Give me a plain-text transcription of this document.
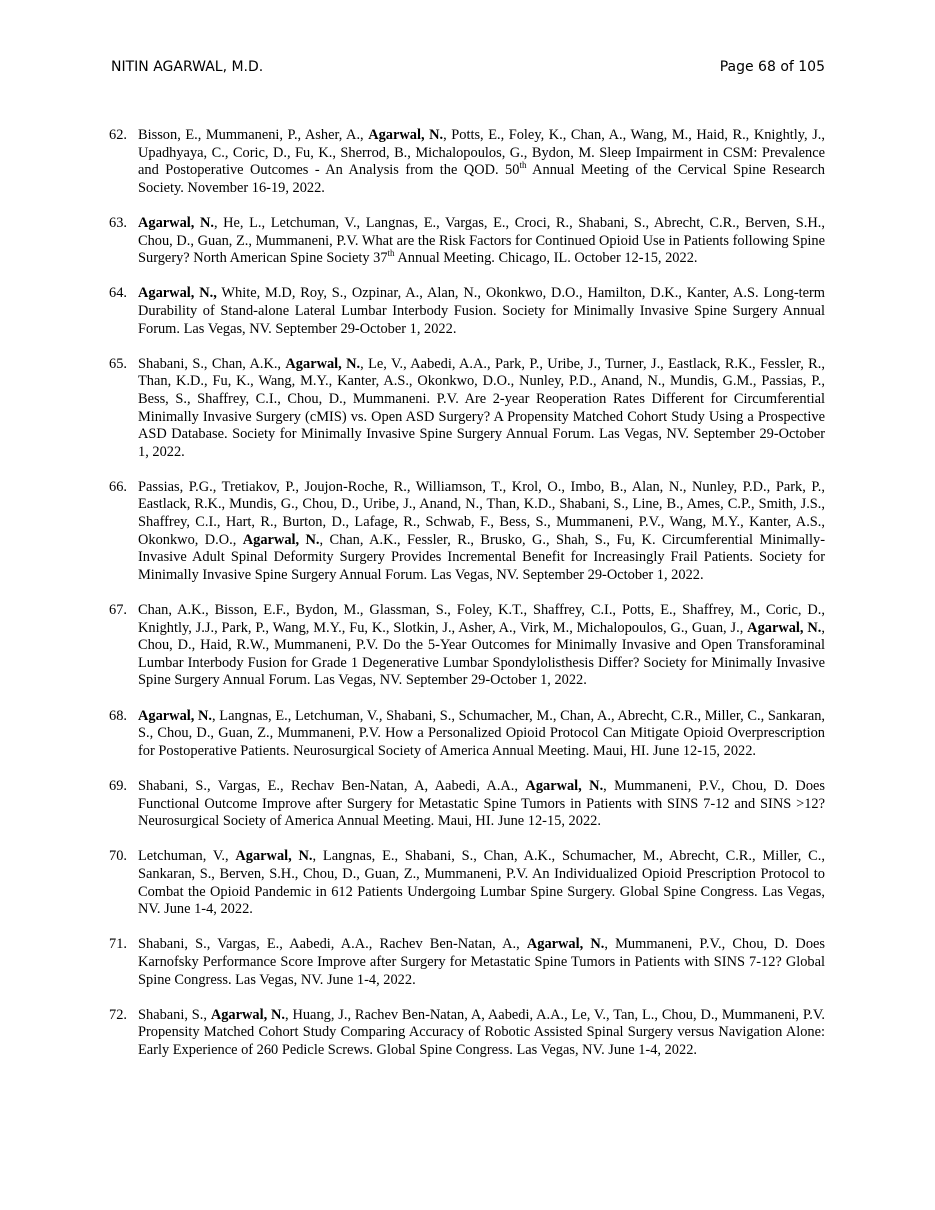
NITIN AGARWAL, M.D.	Page 68 of 105
62. Bisson, E., Mummaneni, P., Asher, A., Agarwal, N., Potts, E., Foley, K., Chan, A., Wang, M., Haid, R., Knightly, J., Upadhyaya, C., Coric, D., Fu, K., Sherrod, B., Michalopoulos, G., Bydon, M. Sleep Impairment in CSM: Prevalence and Postoperative Outcomes - An Analysis from the QOD. 50th Annual Meeting of the Cervical Spine Research Society. November 16-19, 2022.
63. Agarwal, N., He, L., Letchuman, V., Langnas, E., Vargas, E., Croci, R., Shabani, S., Abrecht, C.R., Berven, S.H., Chou, D., Guan, Z., Mummaneni, P.V. What are the Risk Factors for Continued Opioid Use in Patients following Spine Surgery? North American Spine Society 37th Annual Meeting. Chicago, IL. October 12-15, 2022.
64. Agarwal, N., White, M.D, Roy, S., Ozpinar, A., Alan, N., Okonkwo, D.O., Hamilton, D.K., Kanter, A.S. Long-term Durability of Stand-alone Lateral Lumbar Interbody Fusion. Society for Minimally Invasive Spine Surgery Annual Forum. Las Vegas, NV. September 29-October 1, 2022.
65. Shabani, S., Chan, A.K., Agarwal, N., Le, V., Aabedi, A.A., Park, P., Uribe, J., Turner, J., Eastlack, R.K., Fessler, R., Than, K.D., Fu, K., Wang, M.Y., Kanter, A.S., Okonkwo, D.O., Nunley, P.D., Anand, N., Mundis, G.M., Passias, P., Bess, S., Shaffrey, C.I., Chou, D., Mummaneni. P.V. Are 2-year Reoperation Rates Different for Circumferential Minimally Invasive Surgery (cMIS) vs. Open ASD Surgery? A Propensity Matched Cohort Study Using a Prospective ASD Database. Society for Minimally Invasive Spine Surgery Annual Forum. Las Vegas, NV. September 29-October 1, 2022.
66. Passias, P.G., Tretiakov, P., Joujon-Roche, R., Williamson, T., Krol, O., Imbo, B., Alan, N., Nunley, P.D., Park, P., Eastlack, R.K., Mundis, G., Chou, D., Uribe, J., Anand, N., Than, K.D., Shabani, S., Line, B., Ames, C.P., Smith, J.S., Shaffrey, C.I., Hart, R., Burton, D., Lafage, R., Schwab, F., Bess, S., Mummaneni, P.V., Wang, M.Y., Kanter, A.S., Okonkwo, D.O., Agarwal, N., Chan, A.K., Fessler, R., Brusko, G., Shah, S., Fu, K. Circumferential Minimally-Invasive Adult Spinal Deformity Surgery Provides Incremental Benefit for Increasingly Frail Patients. Society for Minimally Invasive Spine Surgery Annual Forum. Las Vegas, NV. September 29-October 1, 2022.
67. Chan, A.K., Bisson, E.F., Bydon, M., Glassman, S., Foley, K.T., Shaffrey, C.I., Potts, E., Shaffrey, M., Coric, D., Knightly, J.J., Park, P., Wang, M.Y., Fu, K., Slotkin, J., Asher, A., Virk, M., Michalopoulos, G., Guan, J., Agarwal, N., Chou, D., Haid, R.W., Mummaneni, P.V. Do the 5-Year Outcomes for Minimally Invasive and Open Transforaminal Lumbar Interbody Fusion for Grade 1 Degenerative Lumbar Spondylolisthesis Differ? Society for Minimally Invasive Spine Surgery Annual Forum. Las Vegas, NV. September 29-October 1, 2022.
68. Agarwal, N., Langnas, E., Letchuman, V., Shabani, S., Schumacher, M., Chan, A., Abrecht, C.R., Miller, C., Sankaran, S., Chou, D., Guan, Z., Mummaneni, P.V. How a Personalized Opioid Protocol Can Mitigate Opioid Overprescription for Postoperative Patients. Neurosurgical Society of America Annual Meeting. Maui, HI. June 12-15, 2022.
69. Shabani, S., Vargas, E., Rechav Ben-Natan, A, Aabedi, A.A., Agarwal, N., Mummaneni, P.V., Chou, D. Does Functional Outcome Improve after Surgery for Metastatic Spine Tumors in Patients with SINS 7-12 and SINS >12? Neurosurgical Society of America Annual Meeting. Maui, HI. June 12-15, 2022.
70. Letchuman, V., Agarwal, N., Langnas, E., Shabani, S., Chan, A.K., Schumacher, M., Abrecht, C.R., Miller, C., Sankaran, S., Berven, S.H., Chou, D., Guan, Z., Mummaneni, P.V. An Individualized Opioid Prescription Protocol to Combat the Opioid Pandemic in 612 Patients Undergoing Lumbar Spine Surgery. Global Spine Congress. Las Vegas, NV. June 1-4, 2022.
71. Shabani, S., Vargas, E., Aabedi, A.A., Rachev Ben-Natan, A., Agarwal, N., Mummaneni, P.V., Chou, D. Does Karnofsky Performance Score Improve after Surgery for Metastatic Spine Tumors in Patients with SINS 7-12? Global Spine Congress. Las Vegas, NV. June 1-4, 2022.
72. Shabani, S., Agarwal, N., Huang, J., Rachev Ben-Natan, A, Aabedi, A.A., Le, V., Tan, L., Chou, D., Mummaneni, P.V. Propensity Matched Cohort Study Comparing Accuracy of Robotic Assisted Spinal Surgery versus Navigation Alone: Early Experience of 260 Pedicle Screws. Global Spine Congress. Las Vegas, NV. June 1-4, 2022.
